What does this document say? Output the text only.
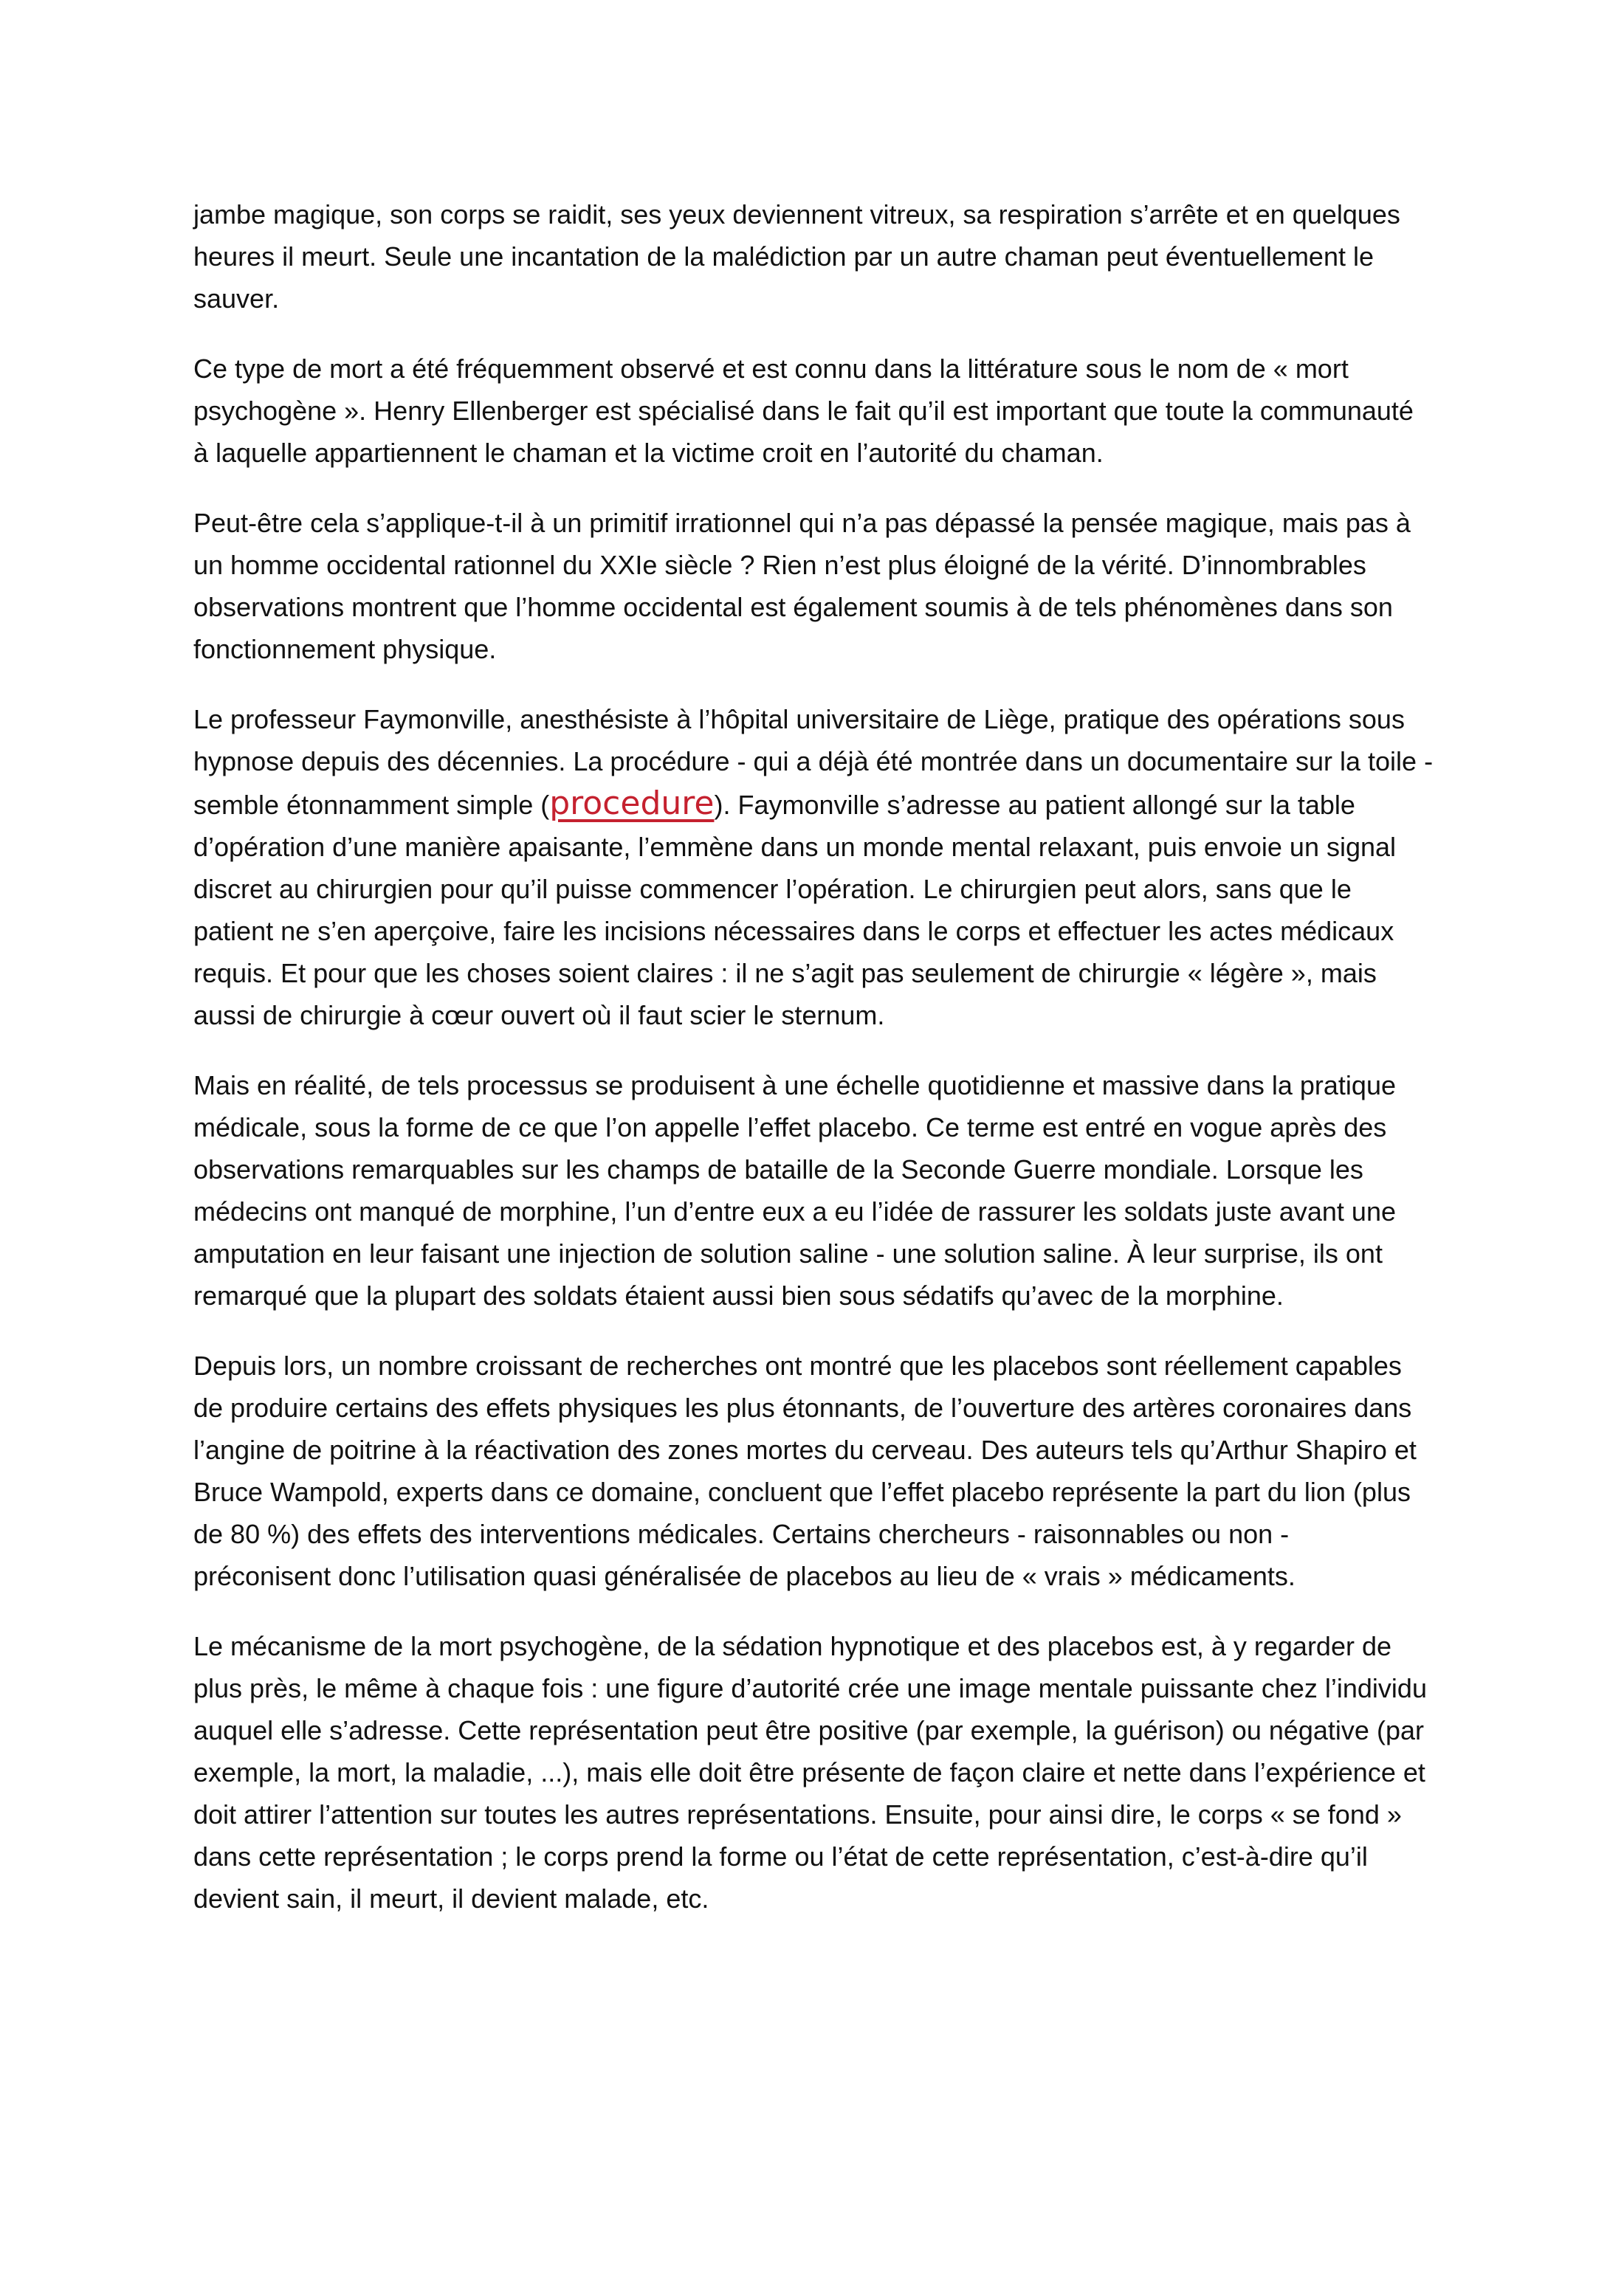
jambe magique, son corps se raidit, ses yeux deviennent vitreux, sa respiration s’arrête et en quelques heures il meurt. Seule une incantation de la malédiction par un autre chaman peut éventuellement le sauver.

Ce type de mort a été fréquemment observé et est connu dans la littérature sous le nom de « mort psychogène ». Henry Ellenberger est spécialisé dans le fait qu’il est important que toute la communauté à laquelle appartiennent le chaman et la victime croit en l’autorité du chaman.

Peut-être cela s’applique-t-il à un primitif irrationnel qui n’a pas dépassé la pensée magique, mais pas à un homme occidental rationnel du XXIe siècle ? Rien n’est plus éloigné de la vérité. D’innombrables observations montrent que l’homme occidental est également soumis à de tels phénomènes dans son fonctionnement physique.

Le professeur Faymonville, anesthésiste à l’hôpital universitaire de Liège, pratique des opérations sous hypnose depuis des décennies. La procédure - qui a déjà été montrée dans un documentaire sur la toile - semble étonnamment simple (procedure). Faymonville s’adresse au patient allongé sur la table d’opération d’une manière apaisante, l’emmène dans un monde mental relaxant, puis envoie un signal discret au chirurgien pour qu’il puisse commencer l’opération. Le chirurgien peut alors, sans que le patient ne s’en aperçoive, faire les incisions nécessaires dans le corps et effectuer les actes médicaux requis. Et pour que les choses soient claires : il ne s’agit pas seulement de chirurgie « légère », mais aussi de chirurgie à cœur ouvert où il faut scier le sternum.

Mais en réalité, de tels processus se produisent à une échelle quotidienne et massive dans la pratique médicale, sous la forme de ce que l’on appelle l’effet placebo. Ce terme est entré en vogue après des observations remarquables sur les champs de bataille de la Seconde Guerre mondiale. Lorsque les médecins ont manqué de morphine, l’un d’entre eux a eu l’idée de rassurer les soldats juste avant une amputation en leur faisant une injection de solution saline - une solution saline. À leur surprise, ils ont remarqué que la plupart des soldats étaient aussi bien sous sédatifs qu’avec de la morphine.

Depuis lors, un nombre croissant de recherches ont montré que les placebos sont réellement capables de produire certains des effets physiques les plus étonnants, de l’ouverture des artères coronaires dans l’angine de poitrine à la réactivation des zones mortes du cerveau. Des auteurs tels qu’Arthur Shapiro et Bruce Wampold, experts dans ce domaine, concluent que l’effet placebo représente la part du lion (plus de 80 %) des effets des interventions médicales. Certains chercheurs - raisonnables ou non - préconisent donc l’utilisation quasi généralisée de placebos au lieu de « vrais » médicaments.

Le mécanisme de la mort psychogène, de la sédation hypnotique et des placebos est, à y regarder de plus près, le même à chaque fois : une figure d’autorité crée une image mentale puissante chez l’individu auquel elle s’adresse. Cette représentation peut être positive (par exemple, la guérison) ou négative (par exemple, la mort, la maladie, ...), mais elle doit être présente de façon claire et nette dans l’expérience et doit attirer l’attention sur toutes les autres représentations. Ensuite, pour ainsi dire, le corps « se fond » dans cette représentation ; le corps prend la forme ou l’état de cette représentation, c’est-à-dire qu’il devient sain, il meurt, il devient malade, etc.
